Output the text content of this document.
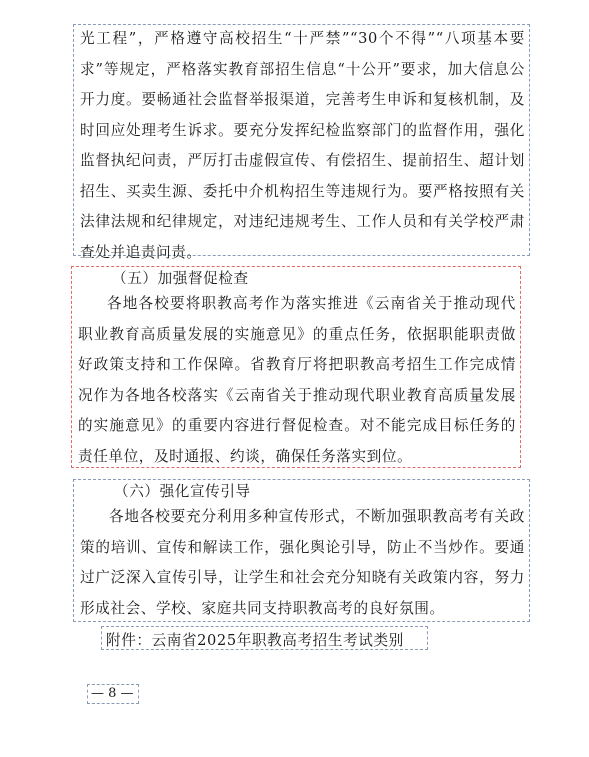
光工程”，严格遵守高校招生“十严禁”“30个不得”“八项基本要求”等规定，严格落实教育部招生信息“十公开”要求，加大信息公开力度。要畅通社会监督举报渠道，完善考生申诉和复核机制，及时回应处理考生诉求。要充分发挥纪检监察部门的监督作用，强化监督执纪问责，严厉打击虚假宣传、有偿招生、提前招生、超计划招生、买卖生源、委托中介机构招生等违规行为。要严格按照有关法律法规和纪律规定，对违纪违规考生、工作人员和有关学校严肃查处并追责问责。

（五）加强督促检查

各地各校要将职教高考作为落实推进《云南省关于推动现代职业教育高质量发展的实施意见》的重点任务，依据职能职责做好政策支持和工作保障。省教育厅将把职教高考招生工作完成情况作为各地各校落实《云南省关于推动现代职业教育高质量发展的实施意见》的重要内容进行督促检查。对不能完成目标任务的责任单位，及时通报、约谈，确保任务落实到位。

（六）强化宣传引导

各地各校要充分利用多种宣传形式，不断加强职教高考有关政策的培训、宣传和解读工作，强化舆论引导，防止不当炒作。要通过广泛深入宣传引导，让学生和社会充分知晓有关政策内容，努力形成社会、学校、家庭共同支持职教高考的良好氛围。

附件：云南省2025年职教高考招生考试类别
— 8 —
